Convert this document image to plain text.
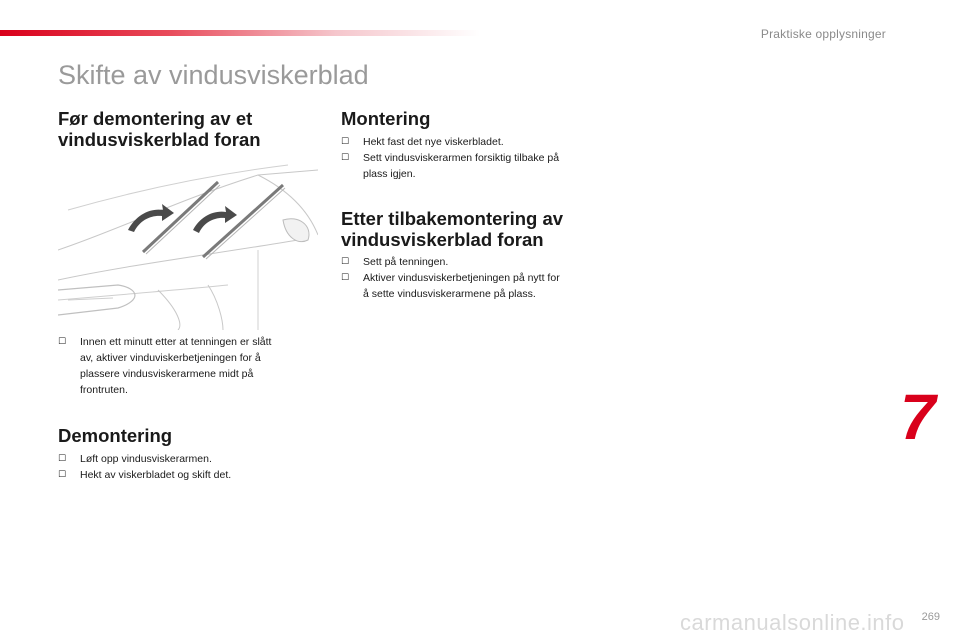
Praktiske opplysninger
Skifte av vindusviskerblad
Før demontering av et
vindusviskerblad foran
☐	Innen ett minutt etter at tenningen er slått
av, aktiver vinduviskerbetjeningen for å
plassere vindusviskerarmene midt på
frontruten.
Demontering
☐	Løft opp vindusviskerarmen.
☐	Hekt av viskerbladet og skift det.
Montering
☐	Hekt fast det nye viskerbladet.
☐	Sett vindusviskerarmen forsiktig tilbake på
plass igjen.
Etter tilbakemontering av
vindusviskerblad foran
☐	Sett på tenningen.
☐	Aktiver vindusviskerbetjeningen på nytt for
å sette vindusviskerarmene på plass.
7
carmanualsonline.info 269
